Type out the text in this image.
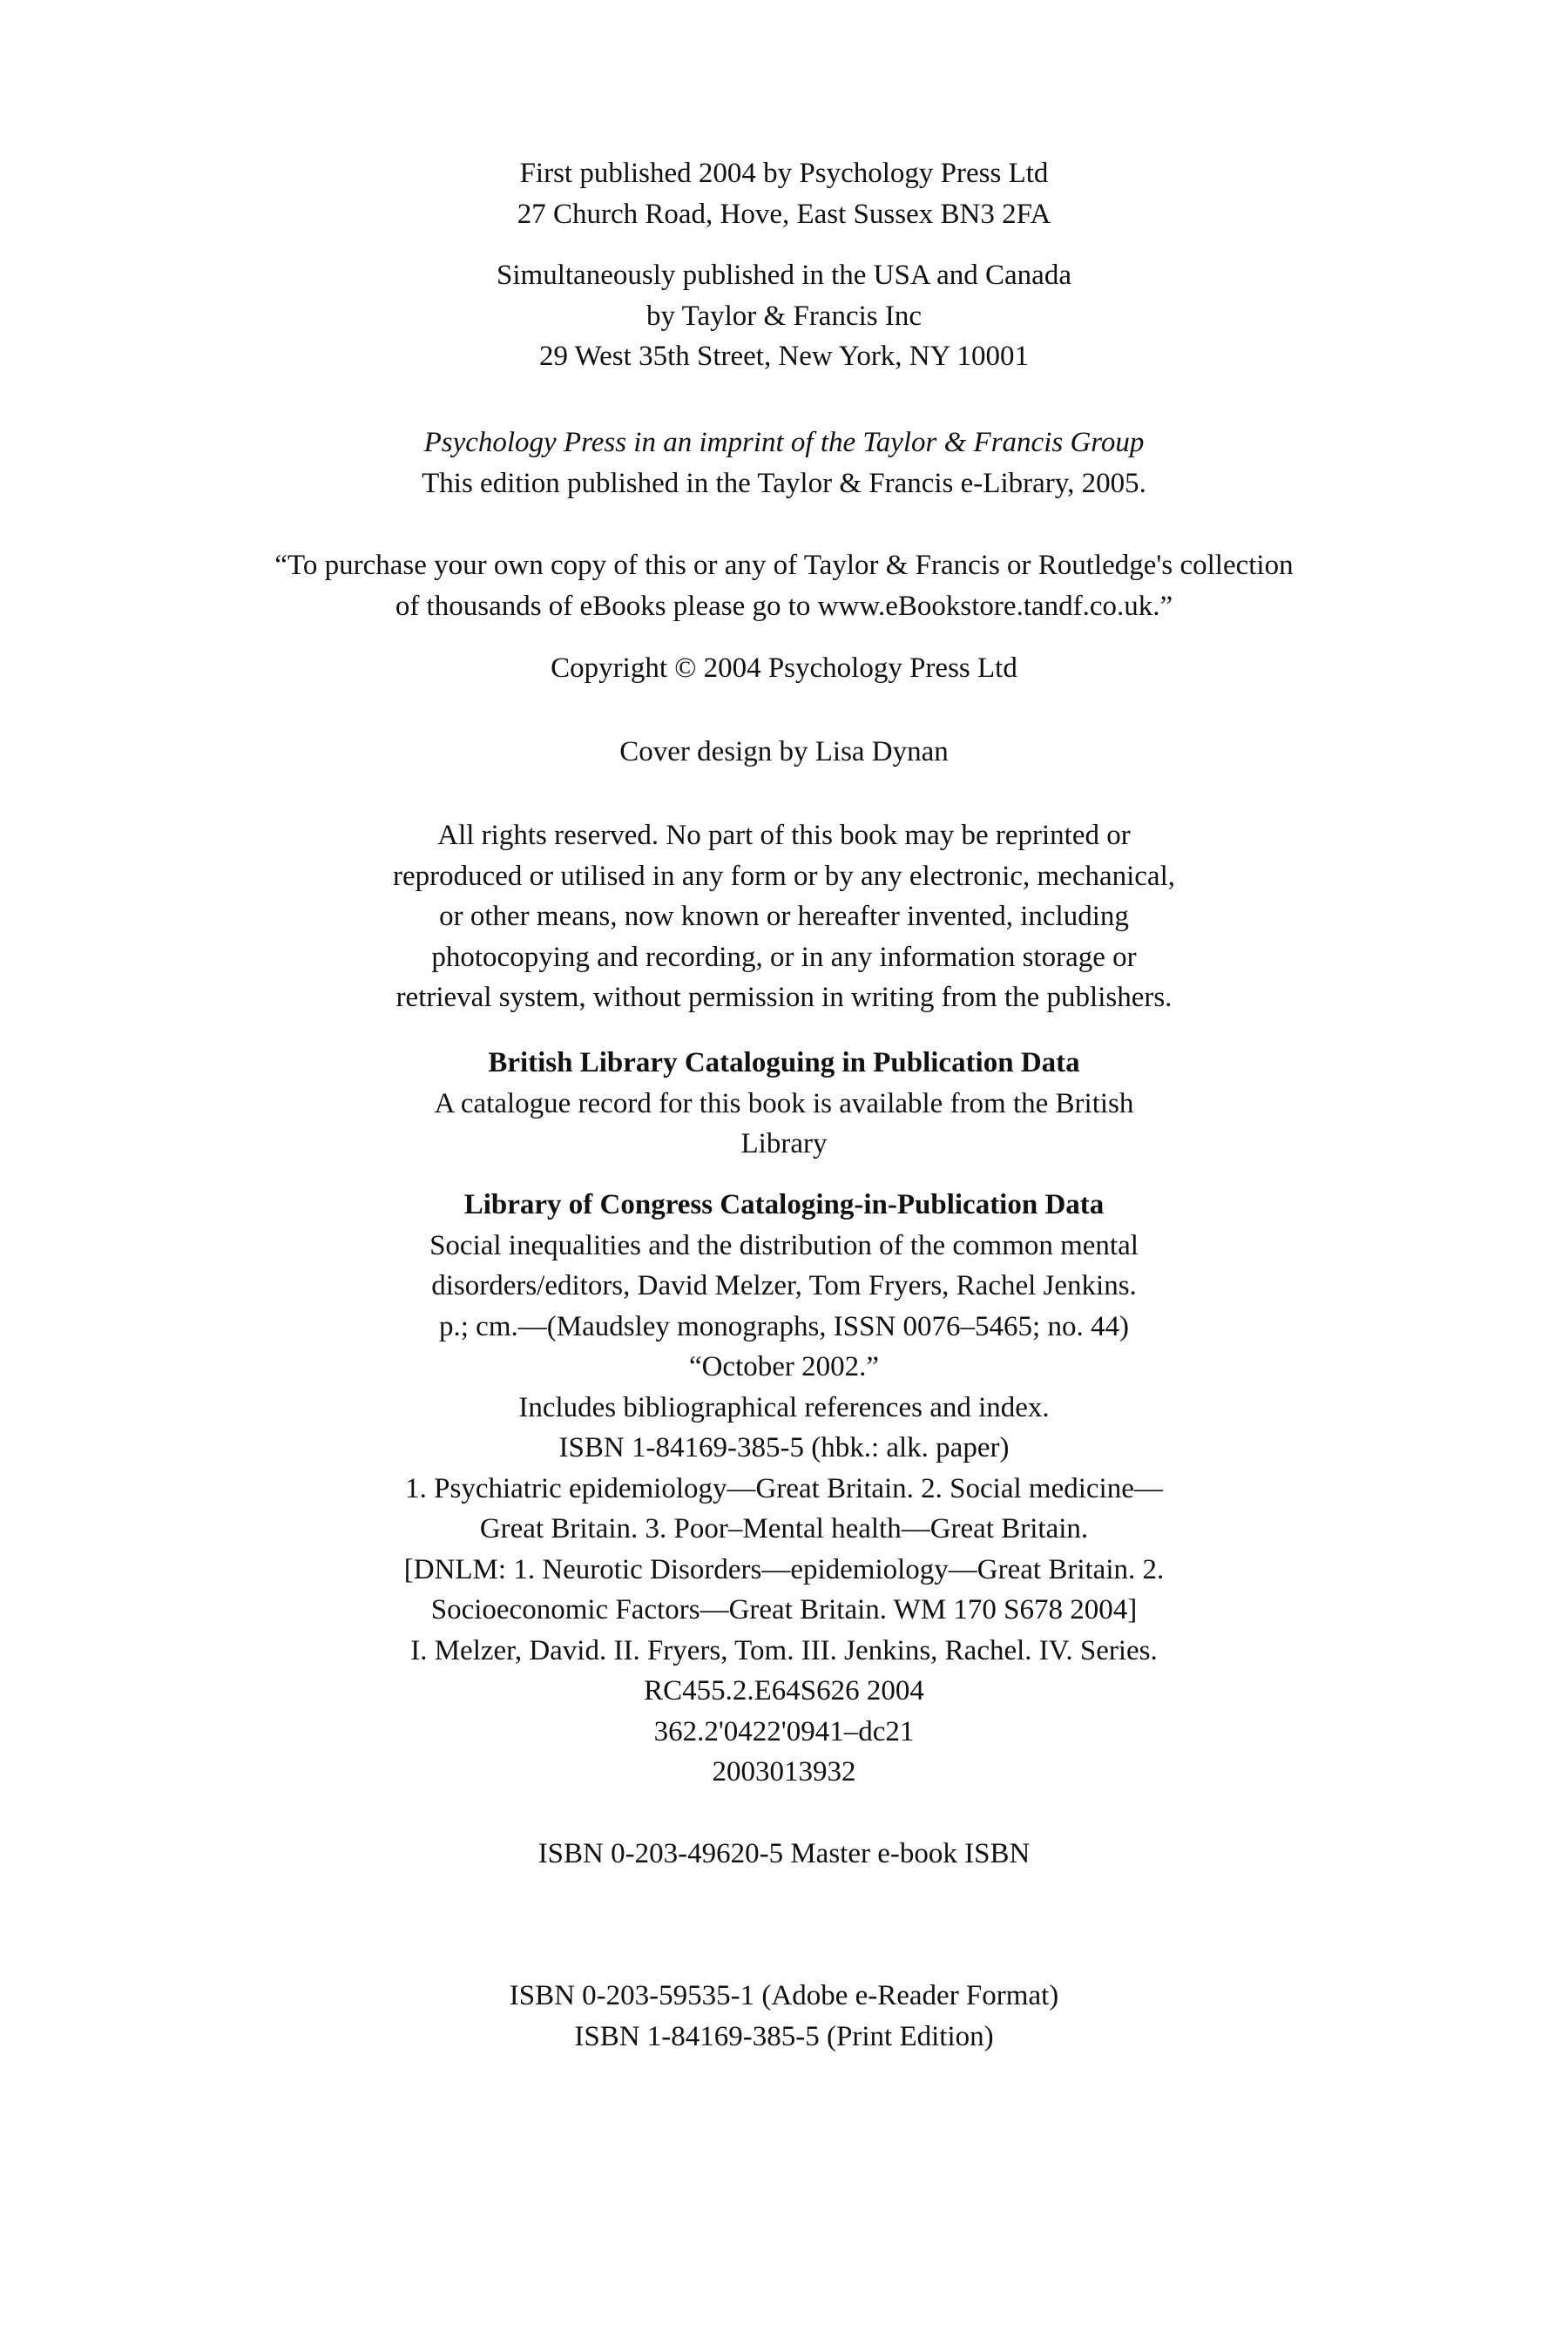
First published 2004 by Psychology Press Ltd
27 Church Road, Hove, East Sussex BN3 2FA
Simultaneously published in the USA and Canada
by Taylor & Francis Inc
29 West 35th Street, New York, NY 10001
Psychology Press in an imprint of the Taylor & Francis Group
This edition published in the Taylor & Francis e-Library, 2005.
“To purchase your own copy of this or any of Taylor & Francis or Routledge's collection
of thousands of eBooks please go to www.eBookstore.tandf.co.uk.”
Copyright © 2004 Psychology Press Ltd
Cover design by Lisa Dynan
All rights reserved. No part of this book may be reprinted or
reproduced or utilised in any form or by any electronic, mechanical,
or other means, now known or hereafter invented, including
photocopying and recording, or in any information storage or
retrieval system, without permission in writing from the publishers.
British Library Cataloguing in Publication Data
A catalogue record for this book is available from the British
Library
Library of Congress Cataloging-in-Publication Data
Social inequalities and the distribution of the common mental
disorders/editors, David Melzer, Tom Fryers, Rachel Jenkins.
p.; cm.—(Maudsley monographs, ISSN 0076–5465; no. 44)
“October 2002.”
Includes bibliographical references and index.
ISBN 1-84169-385-5 (hbk.: alk. paper)
1. Psychiatric epidemiology—Great Britain. 2. Social medicine—
Great Britain. 3. Poor–Mental health—Great Britain.
[DNLM: 1. Neurotic Disorders—epidemiology—Great Britain. 2.
Socioeconomic Factors—Great Britain. WM 170 S678 2004]
I. Melzer, David. II. Fryers, Tom. III. Jenkins, Rachel. IV. Series.
RC455.2.E64S626 2004
362.2'0422'0941–dc21
2003013932
ISBN 0-203-49620-5 Master e-book ISBN
ISBN 0-203-59535-1 (Adobe e-Reader Format)
ISBN 1-84169-385-5 (Print Edition)
